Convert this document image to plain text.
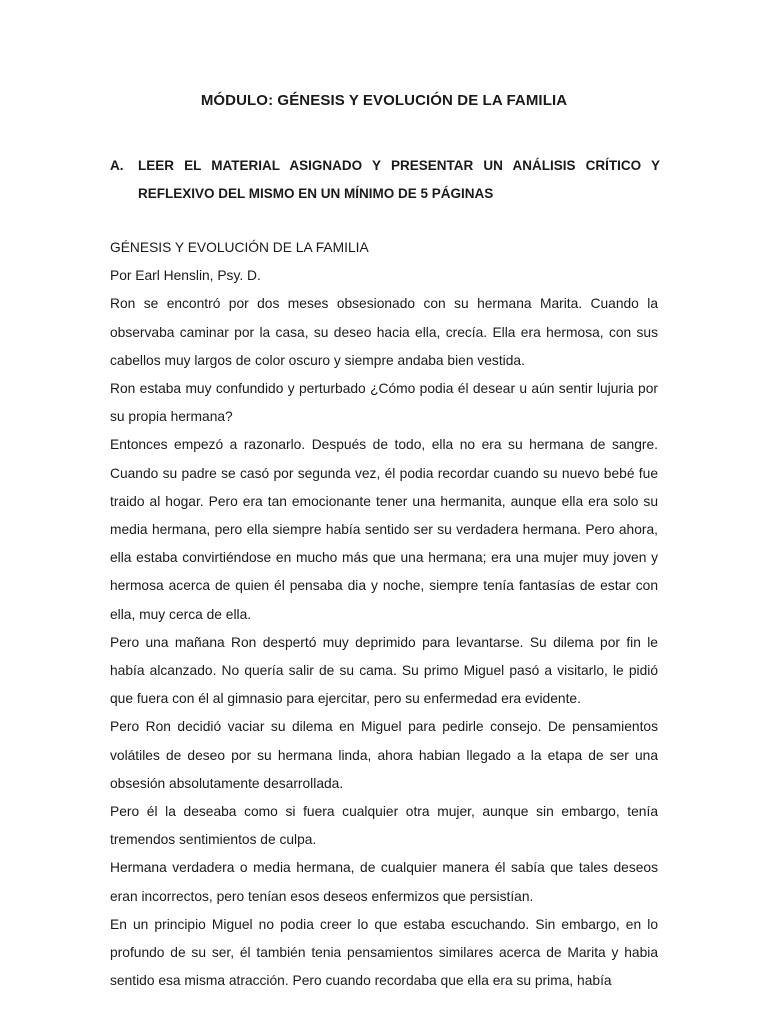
MÓDULO: GÉNESIS Y EVOLUCIÓN DE LA FAMILIA
A. LEER EL MATERIAL ASIGNADO Y PRESENTAR UN ANÁLISIS CRÍTICO Y REFLEXIVO DEL MISMO EN UN MÍNIMO DE 5 PÁGINAS

GÉNESIS Y EVOLUCIÓN DE LA FAMILIA

Por Earl Henslin, Psy. D.

Ron se encontró por dos meses obsesionado con su hermana Marita. Cuando la observaba caminar por la casa, su deseo hacia ella, crecía. Ella era hermosa, con sus cabellos muy largos de color oscuro y siempre andaba bien vestida.

Ron estaba muy confundido y perturbado ¿Cómo podia él desear u aún sentir lujuria por su propia hermana?

Entonces empezó a razonarlo. Después de todo, ella no era su hermana de sangre. Cuando su padre se casó por segunda vez, él podia recordar cuando su nuevo bebé fue traido al hogar. Pero era tan emocionante tener una hermanita, aunque ella era solo su media hermana, pero ella siempre había sentido ser su verdadera hermana. Pero ahora, ella estaba convirtiéndose en mucho más que una hermana; era una mujer muy joven y hermosa acerca de quien él pensaba dia y noche, siempre tenía fantasías de estar con ella, muy cerca de ella.

Pero una mañana Ron despertó muy deprimido para levantarse. Su dilema por fin le había alcanzado. No quería salir de su cama. Su primo Miguel pasó a visitarlo, le pidió que fuera con él al gimnasio para ejercitar, pero su enfermedad era evidente.

Pero Ron decidió vaciar su dilema en Miguel para pedirle consejo. De pensamientos volátiles de deseo por su hermana linda, ahora habian llegado a la etapa de ser una obsesión absolutamente desarrollada.

Pero él la deseaba como si fuera cualquier otra mujer, aunque sin embargo, tenía tremendos sentimientos de culpa.

Hermana verdadera o media hermana, de cualquier manera él sabía que tales deseos eran incorrectos, pero tenían esos deseos enfermizos que persistían.

En un principio Miguel no podia creer lo que estaba escuchando. Sin embargo, en lo profundo de su ser, él también tenia pensamientos similares acerca de Marita y habia sentido esa misma atracción. Pero cuando recordaba que ella era su prima, había
